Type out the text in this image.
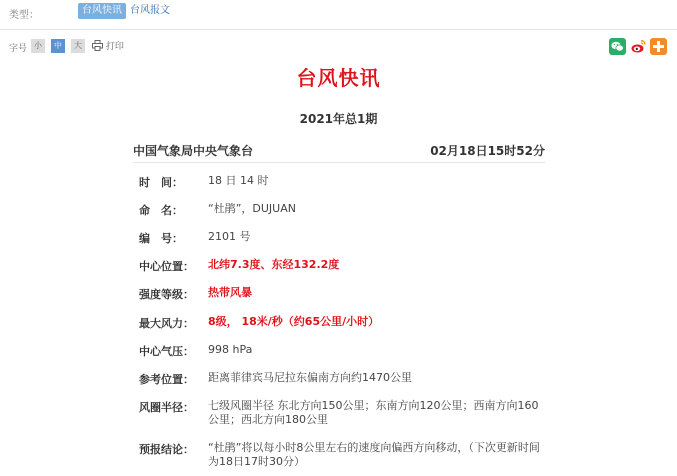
类型：	台风快讯 台风报文
字号 小	中	大	打印
台风快讯
2021年总1期
中国气象局中央气象台	02月18日15时52分
时　间： 18 日 14 时
命　名： “杜鹃”，DUJUAN
编　号： 2101 号
中心位置： 北纬7.3度、东经132.2度
强度等级： 热带风暴
最大风力： 8级， 18米/秒（约65公里/小时）
中心气压： 998 hPa
参考位置： 距离菲律宾马尼拉东偏南方向约1470公里
风圈半径： 七级风圈半径 东北方向150公里；东南方向120公里；西南方向160公里；西北方向180公里
预报结论： “杜鹃”将以每小时8公里左右的速度向偏西方向移动，（下次更新时间为18日17时30分）
